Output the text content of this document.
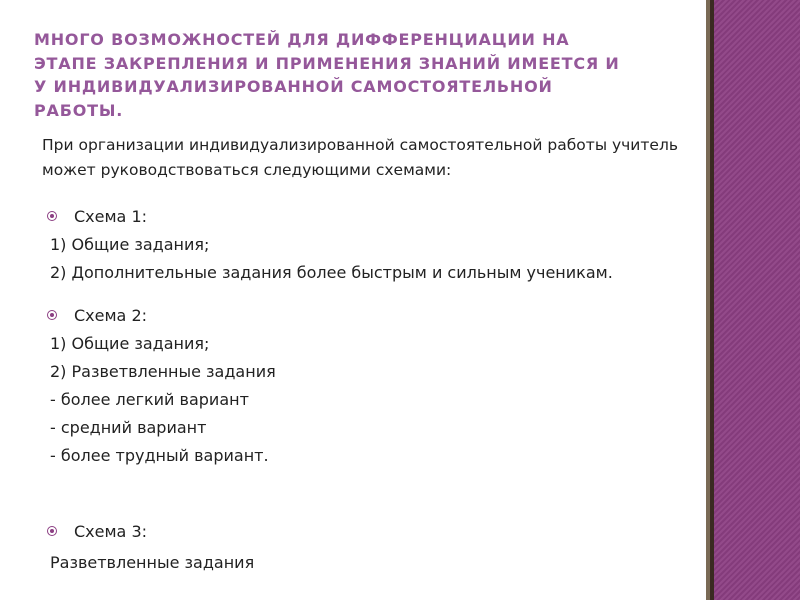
МНОГО ВОЗМОЖНОСТЕЙ ДЛЯ ДИФФЕРЕНЦИАЦИИ НА ЭТАПЕ ЗАКРЕПЛЕНИЯ И ПРИМЕНЕНИЯ ЗНАНИЙ ИМЕЕТСЯ И У ИНДИВИДУАЛИЗИРОВАННОЙ САМОСТОЯТЕЛЬНОЙ РАБОТЫ.

При организации индивидуализированной самостоятельной работы учитель может руководствоваться следующими схемами:

Схема 1:
1) Общие задания;
2) Дополнительные задания более быстрым и сильным ученикам.
Схема 2:
1) Общие задания;
2) Разветвленные задания
- более легкий вариант
- средний вариант
- более трудный вариант.
Схема 3:
Разветвленные задания
